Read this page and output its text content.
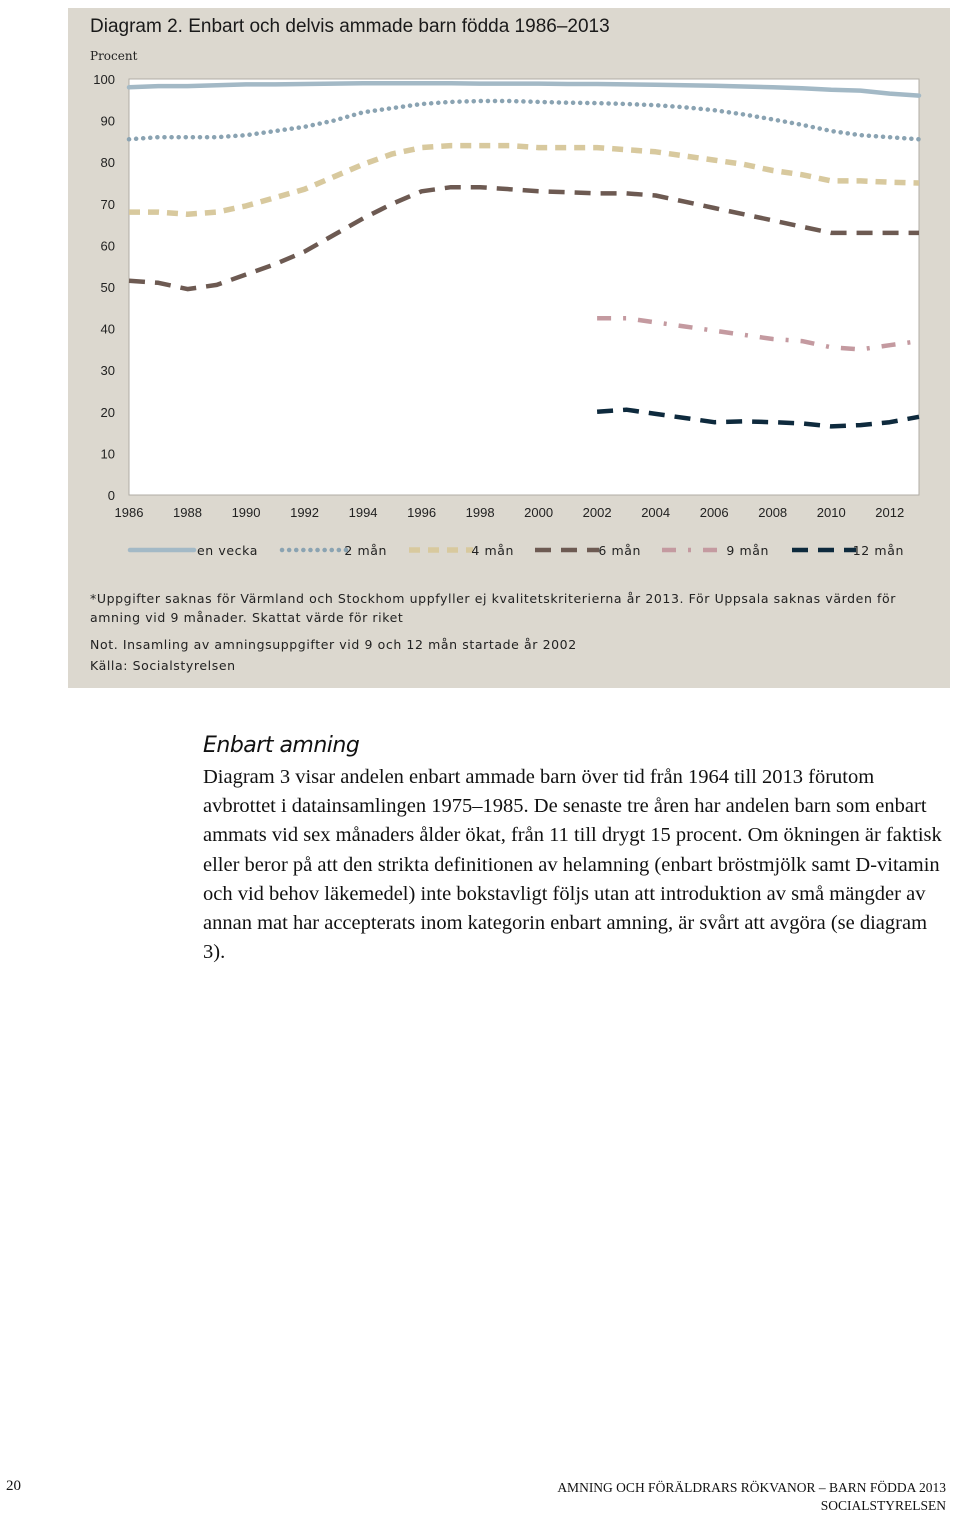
Diagram 2. Enbart och delvis ammade barn födda 1986–2013
Procent
0
10
20
30
40
50
60
70
80
90
100
1986 1988 1990 1992 1994 1996 1998 2000 2002 2004 2006 2008 2010 2012
en vecka	2 mån	4 mån	6 mån	9 mån	12 mån
*Uppgifter saknas för Värmland och Stockhom uppfyller ej kvalitetskriterierna år 2013. För Uppsala saknas värden för amning vid 9 månader. Skattat värde för riket
Not. Insamling av amningsuppgifter vid 9 och 12 mån startade år 2002
Källa: Socialstyrelsen
Enbart amning

Diagram 3 visar andelen enbart ammade barn över tid från 1964 till 2013 förutom avbrottet i datainsamlingen 1975–1985. De senaste tre åren har andelen barn som enbart ammats vid sex månaders ålder ökat, från 11 till drygt 15 procent. Om ökningen är faktisk eller beror på att den strikta definitionen av helamning (enbart bröstmjölk samt D-vitamin och vid behov läkemedel) inte bokstavligt följs utan att introduktion av små mängder av annan mat har accepterats inom kategorin enbart amning, är svårt att avgöra (se diagram 3).

20	AMNING OCH FÖRÄLDRARS RÖKVANOR – BARN FÖDDA 2013
SOCIALSTYRELSEN
